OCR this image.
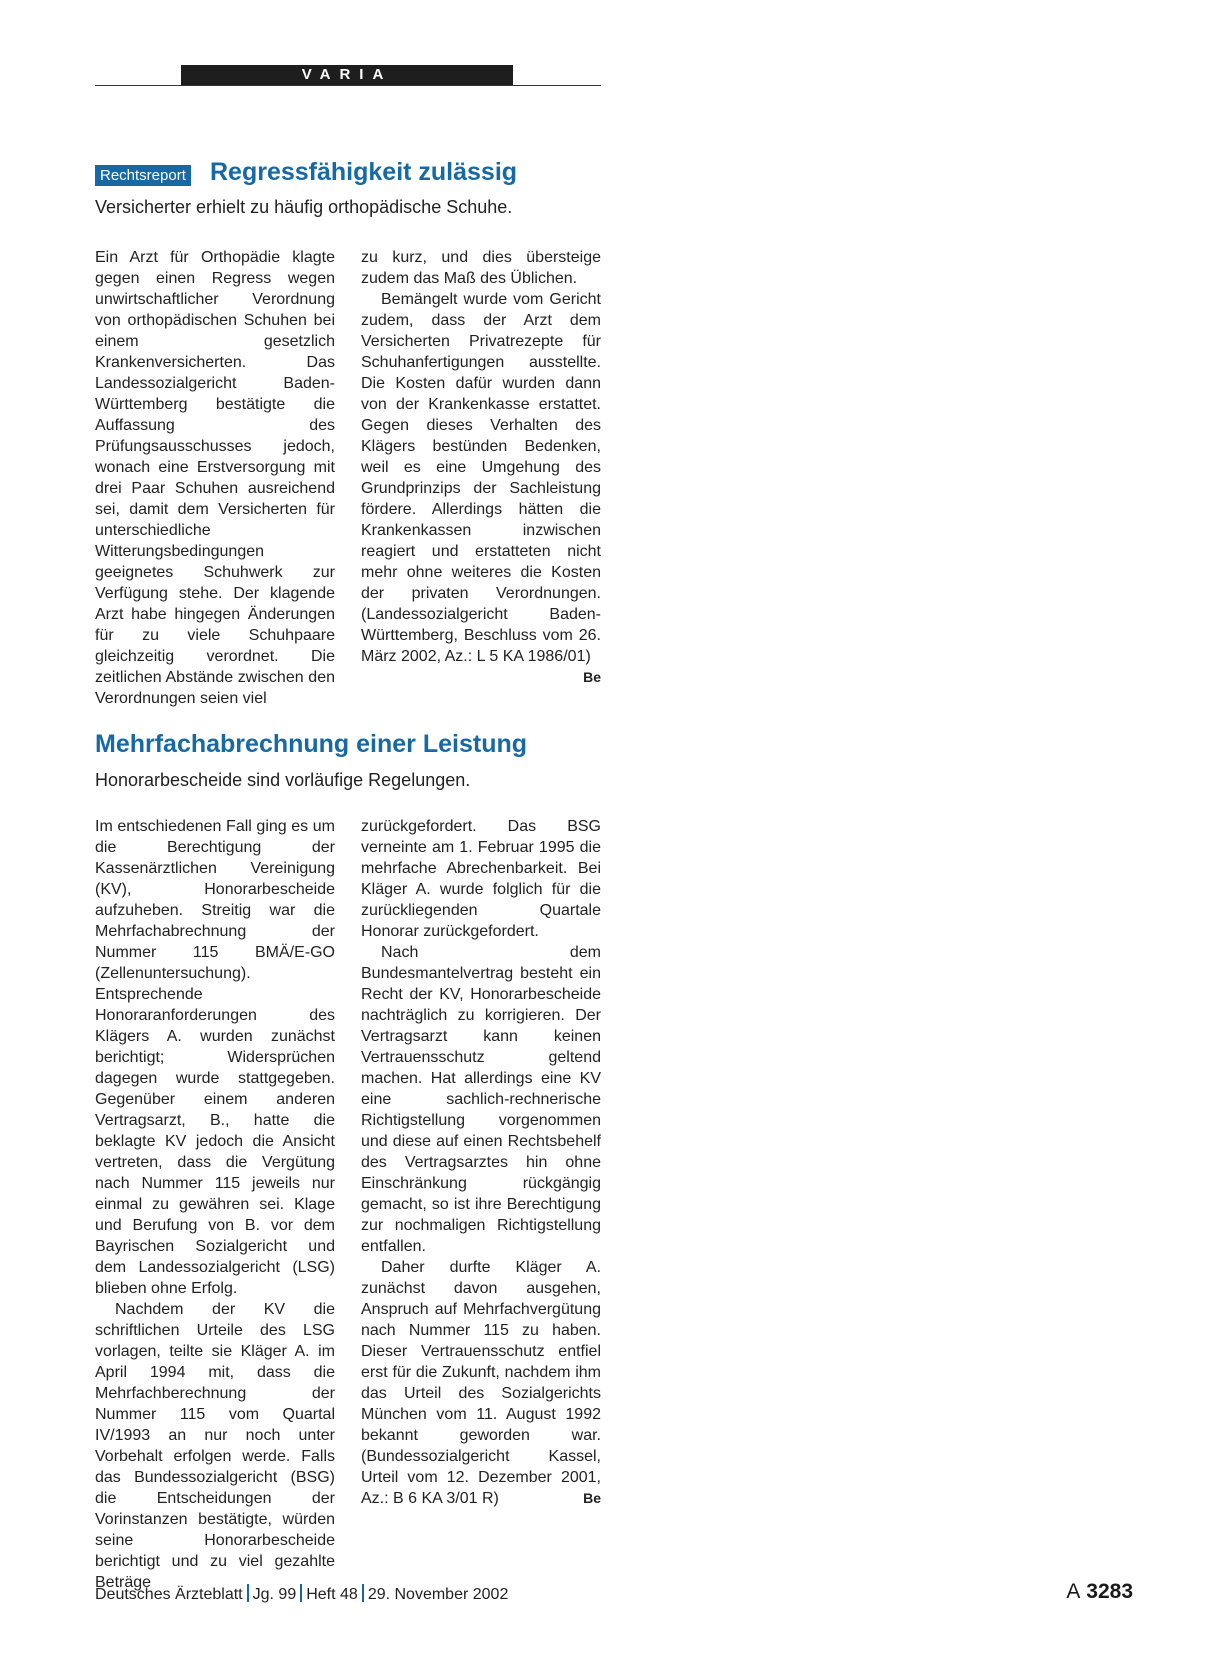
VARIA
Rechtsreport Regressfähigkeit zulässig

Versicherter erhielt zu häufig orthopädische Schuhe.

Ein Arzt für Orthopädie klagte gegen einen Regress wegen unwirtschaftlicher Verordnung von orthopädischen Schuhen bei einem gesetzlich Krankenversicherten. Das Landessozialgericht Baden-Württemberg bestätigte die Auffassung des Prüfungsausschusses jedoch, wonach eine Erstversorgung mit drei Paar Schuhen ausreichend sei, damit dem Versicherten für unterschiedliche Witterungsbedingungen geeignetes Schuhwerk zur Verfügung stehe. Der klagende Arzt habe hingegen Änderungen für zu viele Schuhpaare gleichzeitig verordnet. Die zeitlichen Abstände zwischen den Verordnungen seien viel

zu kurz, und dies übersteige zudem das Maß des Üblichen.

Bemängelt wurde vom Gericht zudem, dass der Arzt dem Versicherten Privatrezepte für Schuhanfertigungen ausstellte. Die Kosten dafür wurden dann von der Krankenkasse erstattet. Gegen dieses Verhalten des Klägers bestünden Bedenken, weil es eine Umgehung des Grundprinzips der Sachleistung fördere. Allerdings hätten die Krankenkassen inzwischen reagiert und erstatteten nicht mehr ohne weiteres die Kosten der privaten Verordnungen. (Landessozialgericht Baden-Württemberg, Beschluss vom 26. März 2002, Az.: L 5 KA 1986/01)
Be

Mehrfachabrechnung einer Leistung

Honorarbescheide sind vorläufige Regelungen.

Im entschiedenen Fall ging es um die Berechtigung der Kassenärztlichen Vereinigung (KV), Honorarbescheide aufzuheben. Streitig war die Mehrfachabrechnung der Nummer 115 BMÄ/E-GO (Zellenuntersuchung). Entsprechende Honoraranforderungen des Klägers A. wurden zunächst berichtigt; Widersprüchen dagegen wurde stattgegeben. Gegenüber einem anderen Vertragsarzt, B., hatte die beklagte KV jedoch die Ansicht vertreten, dass die Vergütung nach Nummer 115 jeweils nur einmal zu gewähren sei. Klage und Berufung von B. vor dem Bayrischen Sozialgericht und dem Landessozialgericht (LSG) blieben ohne Erfolg.

Nachdem der KV die schriftlichen Urteile des LSG vorlagen, teilte sie Kläger A. im April 1994 mit, dass die Mehrfachberechnung der Nummer 115 vom Quartal IV/1993 an nur noch unter Vorbehalt erfolgen werde. Falls das Bundessozialgericht (BSG) die Entscheidungen der Vorinstanzen bestätigte, würden seine Honorarbescheide berichtigt und zu viel gezahlte Beträge

zurückgefordert. Das BSG verneinte am 1. Februar 1995 die mehrfache Abrechenbarkeit. Bei Kläger A. wurde folglich für die zurückliegenden Quartale Honorar zurückgefordert.

Nach dem Bundesmantelvertrag besteht ein Recht der KV, Honorarbescheide nachträglich zu korrigieren. Der Vertragsarzt kann keinen Vertrauensschutz geltend machen. Hat allerdings eine KV eine sachlich-rechnerische Richtigstellung vorgenommen und diese auf einen Rechtsbehelf des Vertragsarztes hin ohne Einschränkung rückgängig gemacht, so ist ihre Berechtigung zur nochmaligen Richtigstellung entfallen.

Daher durfte Kläger A. zunächst davon ausgehen, Anspruch auf Mehrfachvergütung nach Nummer 115 zu haben. Dieser Vertrauensschutz entfiel erst für die Zukunft, nachdem ihm das Urteil des Sozialgerichts München vom 11. August 1992 bekannt geworden war. (Bundessozialgericht Kassel, Urteil vom 12. Dezember 2001, Az.: B 6 KA 3/01 R)	Be

Deutsches Ärzteblatt Jg. 99 Heft 48 29. November 2002	A 3283
